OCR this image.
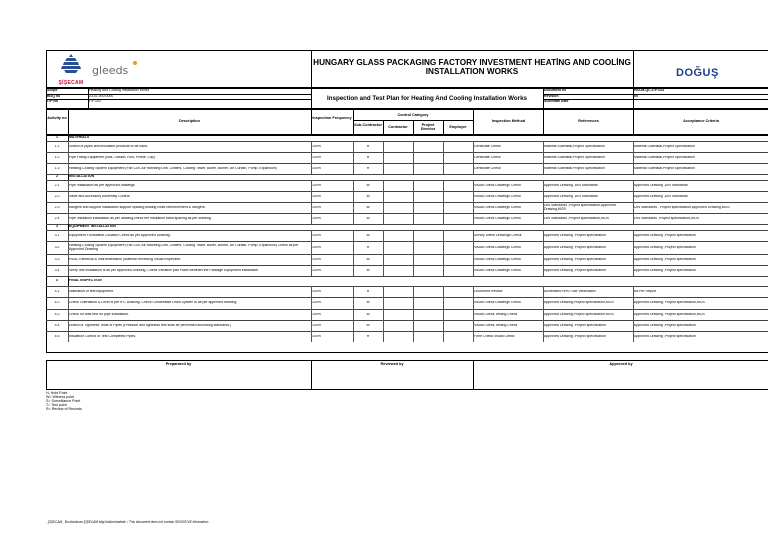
ŞİŞECAM
gleeds
HUNGARY GLASS PACKAGING FACTORY INVESTMENT HEATİNG AND COOLİNG
INSTALLATION WORKS	DOĞUŞ

Scope	Heating And Cooling Installation Works
BOQ no	23.01.000.0000
ITP No	ITP-022	Inspection and Test Plan for Heating And Cooling Installation Works
Document no	HSCM-QC-ITP-022
Revision	00
Submittal Date
Activity no
Description
Inspection Frequency
Control Category
Sub-Contractor	Contractor	Project Director
Employer
Inspection Method	References	Acceptance Criteria
1	MATERIALS
1.1	control of pipes and insulation products to be used.	100%	H	Certificate Check	Material Submittal,Project Specification	Material Submittal,Project Specification
1.2	Pipe Fitting Equipment (Bolt, Gasket, Rod, Profile, Clip)	100%	H	Certificate Check	Material Submittal,Project Specification	Material Submittal,Project Specification
1.3	Heating-Cooling System Equipment (Fan Coil, Air Handling Unit, Chillers, Cooling Tower, Boiler, Burner, Air Curtain, Pump, Expansion)	100%	H	Certificate Check	Material Submittal,Project Specification	Material Submittal,Project Specification
2	INSTALLATION
2.1	Pipe installation as per approved drawings	100%	W	Visual Check Drawings Check	Approved Drawing ,DIN Standards	Approved Drawing ,DIN Standards
2.2	Valve and Accessory Assembly Control.	100%	W	Visual Check Drawings Check	Approved Drawing ,DIN Standards	Approved Drawing ,DIN Standards
2.3	hangers and support installation support spacing,sealing route,reinforcement & hangers.	100%	W	Visual Check Drawings Check	DIN Standards ,Project specification,Approved Drawing,MOS	DIN Standards , Project specification,Approved Drawing,MOS
2.4	Pipe insulation installation as per drawing,check the insulation band spacing as per drawing.	100%	W	Visual Check Drawings Check	DIN Standards ,Project specification,MOS	DIN Standards ,Project specification,MOS
3	EQUIPMENT INSTALLATION
3.1	Equipment Foundation Location Check as per Approved Drawing.	100%	W	Survey check Drawings Check	Approved Drawing ,Project specification	Approved Drawing ,Project specification
3.2	Heating-Cooling System Equipment (Fan Coil, Air Handling Unit, Chillers, Cooling Tower, Boiler, Burner, Air Curtain, Pump, Expansion) Check as per Approved Drawing	100%	H	Visual Check Drawings Check	Approved Drawing ,Project specification	Approved Drawing ,Project specification
3.3	HVAC Electrical & Instrumentation (Material Receiving Visual Inspection.	100%	W	Visual Check Drawings Check	Approved Drawing ,Project specification	Approved Drawing ,Project specification
3.4	Verify unit installation is as per approved Drawing, Check Vibration pad Place Beneath the Package Equipment installation	100%	W	Visual Check Drawings Check	Approved Drawing ,Project specification	Approved Drawing ,Project specification
4	FINAL INSPECTION
4.1	calibration of test equipment.	100%	H	Document Review	Accredited Firm / Site Verification	As Per Report
4.2	Check Orientation & Level is per IFC Drawing. Check Condensate Drain System is as per approved drawing.	100%	W	Visual Check Drawings Check	Approved Drawing,Project specification,MOS	Approved Drawing, Project specification,MOS
4.3	Check for leak test for pipe installation.	100%	W	Visual Check,Testing Check	Approved Drawing,Project specification,MOS	Approved Drawing, Project specification,MOS
4.4	control of Tightness Tests of Pipes (Pressure and tightness test shall be performed according standards.)	100%	W	Visual Check,Testing Check	Approved Drawing ,Project specification	Approved Drawing ,Project specification
4.5	Insulation Control of Test Completed Pipes.	100%	H	Form Check,Visual Check	Approved Drawing ,Project specification	Approved Drawing ,Project specification
Preparared by	Reviewed by	Approved by
H- Hold Point
W= Witness point
S= Surveillance Point
T= Test point
R= Review of Records
_ŞİŞECAM_ Bu doküman ŞİŞECAM bilgi hükümündedir. / This document does not contain SENSITIVE information
